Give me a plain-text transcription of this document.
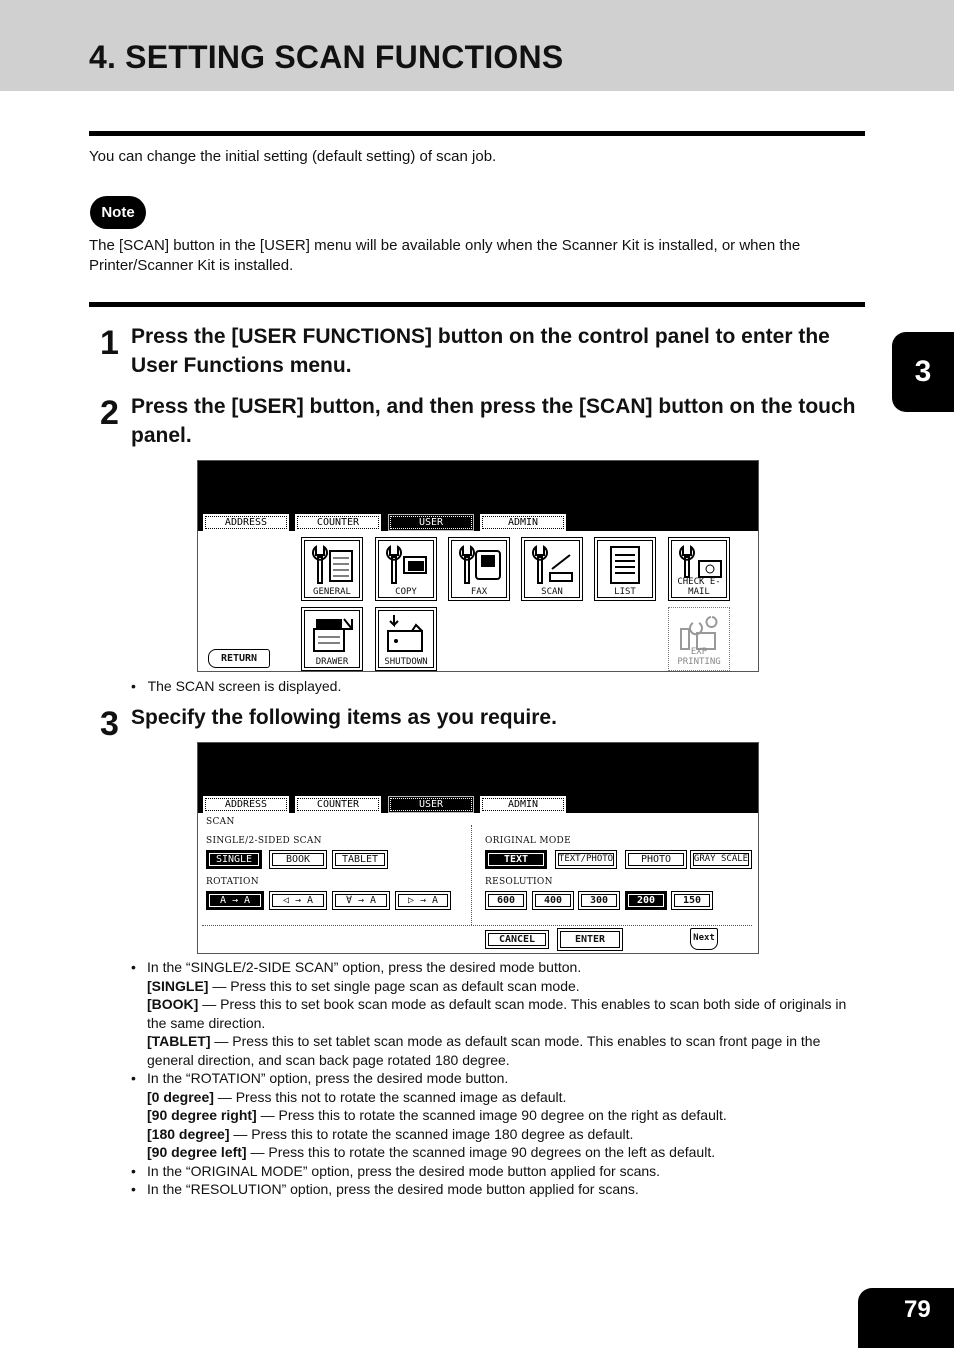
4. SETTING SCAN FUNCTIONS
You can change the initial setting (default setting) of scan job.
Note
The [SCAN] button in the [USER] menu will be available only when the Scanner Kit is installed, or when the Printer/Scanner Kit is installed.
3
1 Press the [USER FUNCTIONS] button on the control panel to enter the User Functions menu.
2 Press the [USER] button, and then press the [SCAN] button on the touch panel.
ADDRESS	COUNTER	USER	ADMIN
GENERAL	COPY	FAX	SCAN	LIST
CHECK E-MAIL
DRAWER	SHUTDOWN
EXP PRINTING
RETURN
•   The SCAN screen is displayed.
3 Specify the following items as you require.
ADDRESS	COUNTER	USER	ADMIN
SCAN
SINGLE/2-SIDED SCAN
SINGLE	BOOK	TABLET
ROTATION
A → A	◁ → A	∀ → A	▷ → A
ORIGINAL MODE
TEXT	TEXT/PHOTO	PHOTO	GRAY SCALE
RESOLUTION
600	400	300	200	150
CANCEL	ENTER	Next
• In the “SINGLE/2-SIDE SCAN” option, press the desired mode button.
[SINGLE] — Press this to set single page scan as default scan mode.
[BOOK] — Press this to set book scan mode as default scan mode. This enables to scan both side of originals in the same direction.
[TABLET] — Press this to set tablet scan mode as default scan mode. This enables to scan front page in the general direction, and scan back page rotated 180 degree.
• In the “ROTATION” option, press the desired mode button.
[0 degree] — Press this not to rotate the scanned image as default.
[90 degree right] — Press this to rotate the scanned image 90 degree on the right as default.
[180 degree] — Press this to rotate the scanned image 180 degree as default.
[90 degree left] — Press this to rotate the scanned image 90 degrees on the left as default.
• In the “ORIGINAL MODE” option, press the desired mode button applied for scans.
• In the “RESOLUTION” option, press the desired mode button applied for scans.
79
